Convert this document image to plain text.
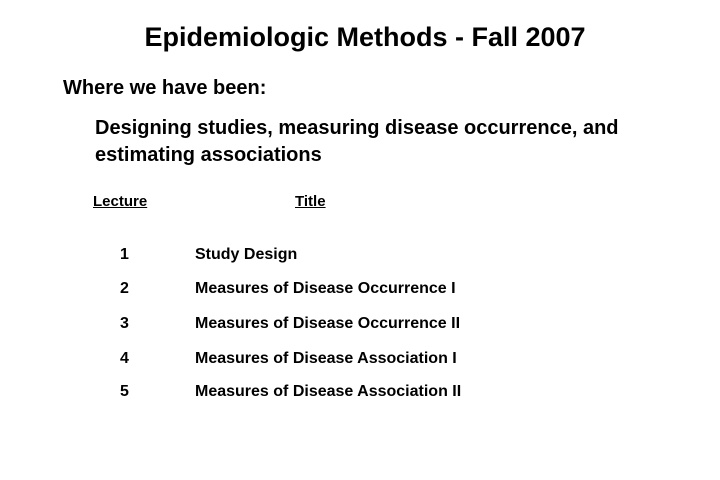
Epidemiologic Methods - Fall 2007
Where we have been:
Designing studies, measuring disease occurrence, and
estimating associations
Lecture	Title
1	Study Design
2	Measures of Disease Occurrence I
3	Measures of Disease Occurrence II
4	Measures of Disease Association I
5	Measures of Disease Association II
